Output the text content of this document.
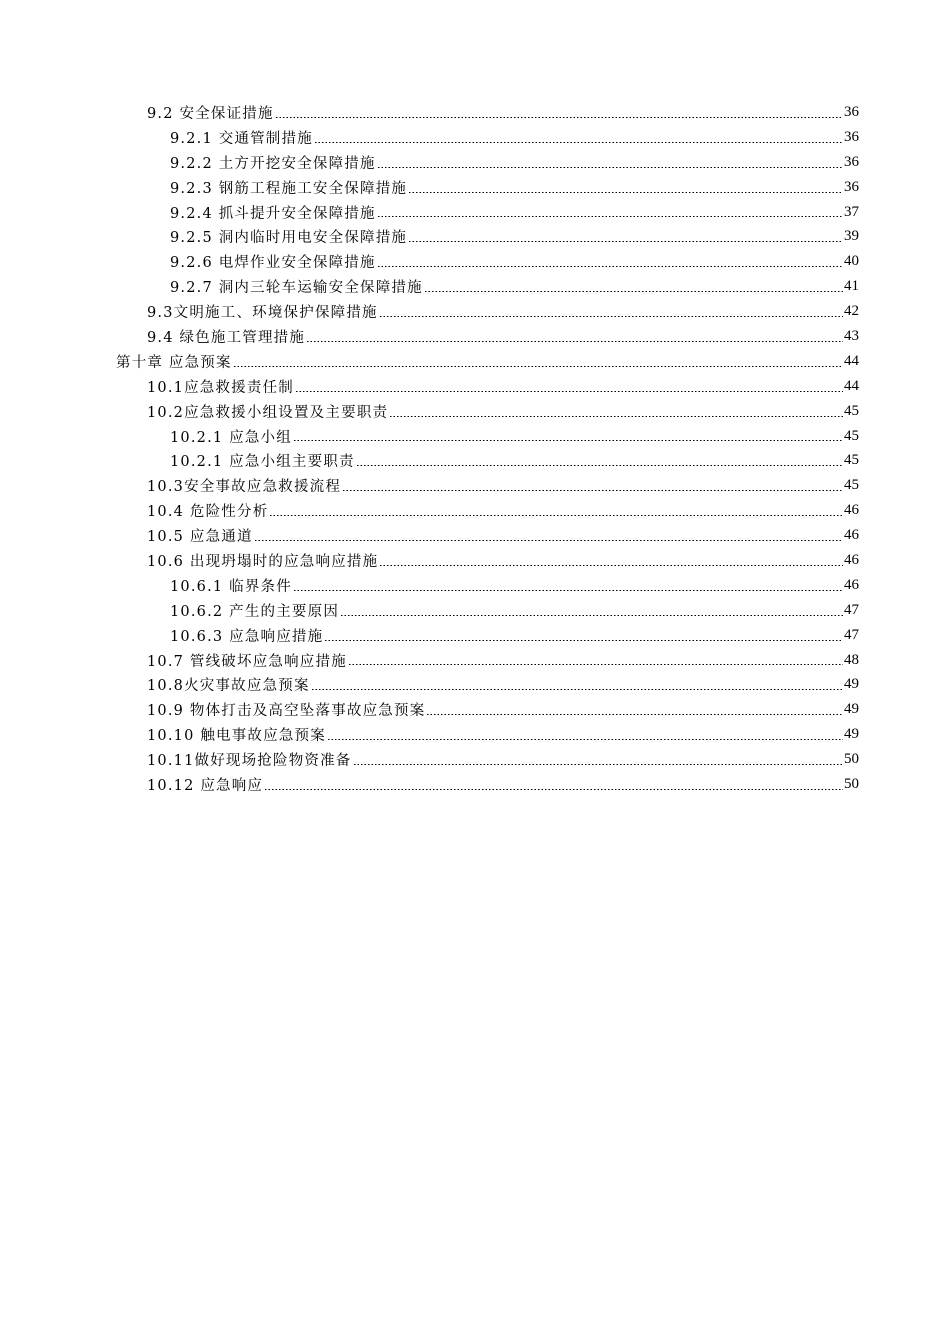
9.2 安全保证措施	36
9.2.1 交通管制措施	36
9.2.2 土方开挖安全保障措施	36
9.2.3 钢筋工程施工安全保障措施	36
9.2.4 抓斗提升安全保障措施	37
9.2.5 洞内临时用电安全保障措施	39
9.2.6 电焊作业安全保障措施	40
9.2.7 洞内三轮车运输安全保障措施	41
9.3文明施工、环境保护保障措施	42
9.4 绿色施工管理措施	43
第十章 应急预案	44
10.1应急救援责任制	44
10.2应急救援小组设置及主要职责	45
10.2.1 应急小组	45
10.2.1 应急小组主要职责	45
10.3安全事故应急救援流程	45
10.4 危险性分析	46
10.5 应急通道	46
10.6 出现坍塌时的应急响应措施	46
10.6.1 临界条件	46
10.6.2 产生的主要原因	47
10.6.3 应急响应措施	47
10.7 管线破坏应急响应措施	48
10.8火灾事故应急预案	49
10.9 物体打击及高空坠落事故应急预案	49
10.10 触电事故应急预案	49
10.11做好现场抢险物资准备	50
10.12 应急响应	50
